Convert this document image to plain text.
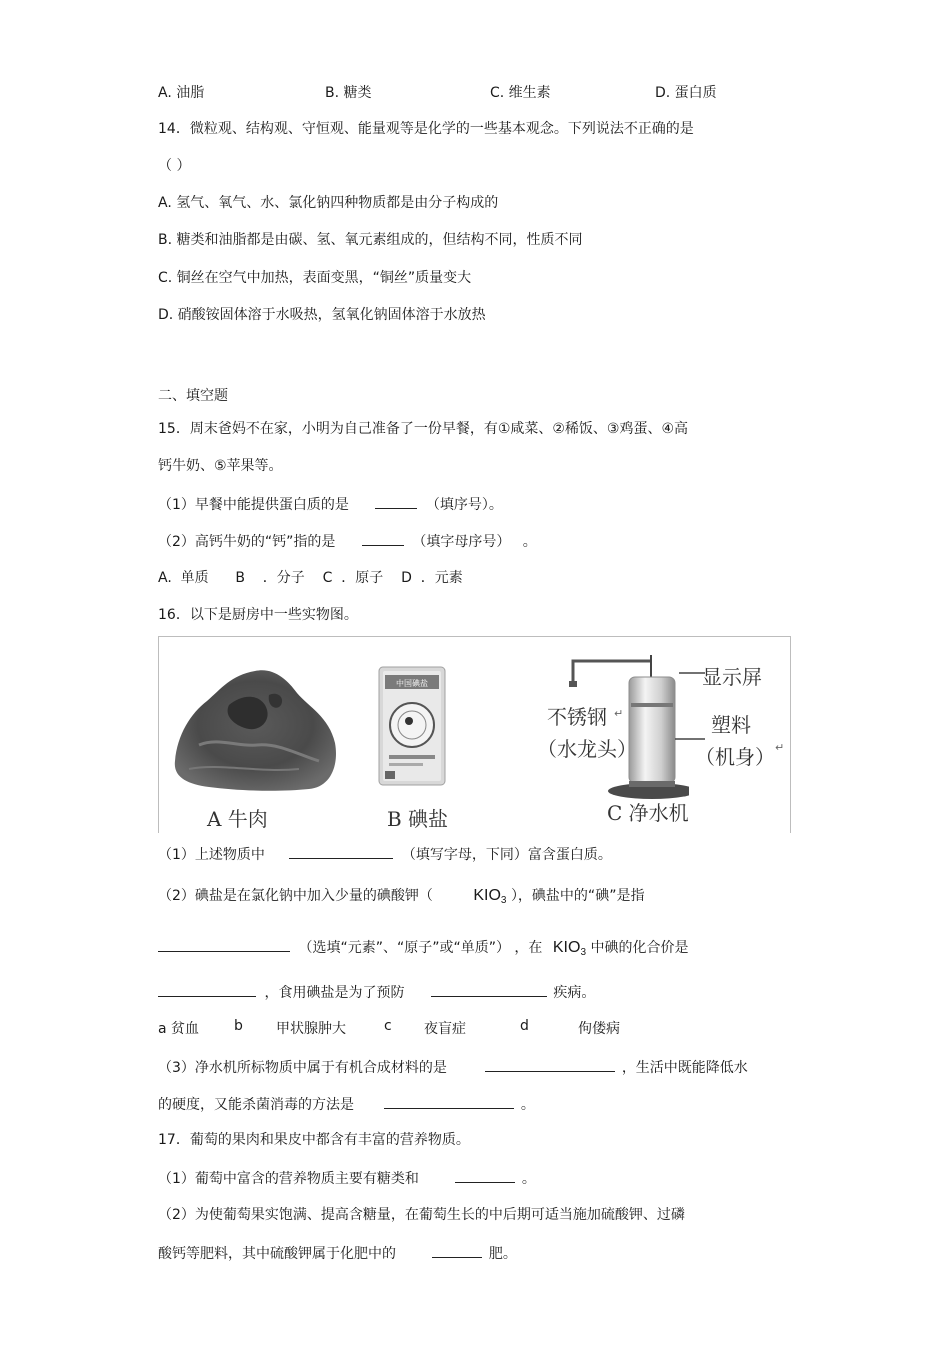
A. 油脂	B. 糖类	C. 维生素	D. 蛋白质
14．微粒观、结构观、守恒观、能量观等是化学的一些基本观念。下列说法不正确的是
（ ）
A. 氢气、氧气、水、氯化钠四种物质都是由分子构成的
B. 糖类和油脂都是由碳、氢、氧元素组成的，但结构不同，性质不同
C. 铜丝在空气中加热，表面变黑，“铜丝”质量变大
D. 硝酸铵固体溶于水吸热，氢氧化钠固体溶于水放热
二、填空题
15．周末爸妈不在家，小明为自己准备了一份早餐，有①咸菜、②稀饭、③鸡蛋、④高
钙牛奶、⑤苹果等。
（1）早餐中能提供蛋白质的是	（填序号）。
（2）高钙牛奶的“钙”指的是	（填字母序号） 。
A.  单质      B    ．分子    C  ．原子    D  ．元素
16．以下是厨房中一些实物图。
A 牛肉
中国碘盐
B 碘盐
显示屏
不锈钢 ↵
（水龙头）
塑料
（机身） ↵
C 净水机
（1）上述物质中	（填写字母，下同）富含蛋白质。
（2）碘盐是在氯化钠中加入少量的碘酸钾（	$KIO_3$ ），碘盐中的“碘”是指
（选填“元素”、“原子”或“单质”） ，在 $KIO_3$ 中碘的化合价是
，食用碘盐是为了预防	疾病。
a 贫血 b 甲状腺肿大	c 夜盲症	d	佝偻病
（3）净水机所标物质中属于有机合成材料的是	，生活中既能降低水
的硬度，又能杀菌消毒的方法是	。
17．葡萄的果肉和果皮中都含有丰富的营养物质。
（1）葡萄中富含的营养物质主要有糖类和	。
（2）为使葡萄果实饱满、提高含糖量，在葡萄生长的中后期可适当施加硫酸钾、过磷
酸钙等肥料，其中硫酸钾属于化肥中的	肥。
